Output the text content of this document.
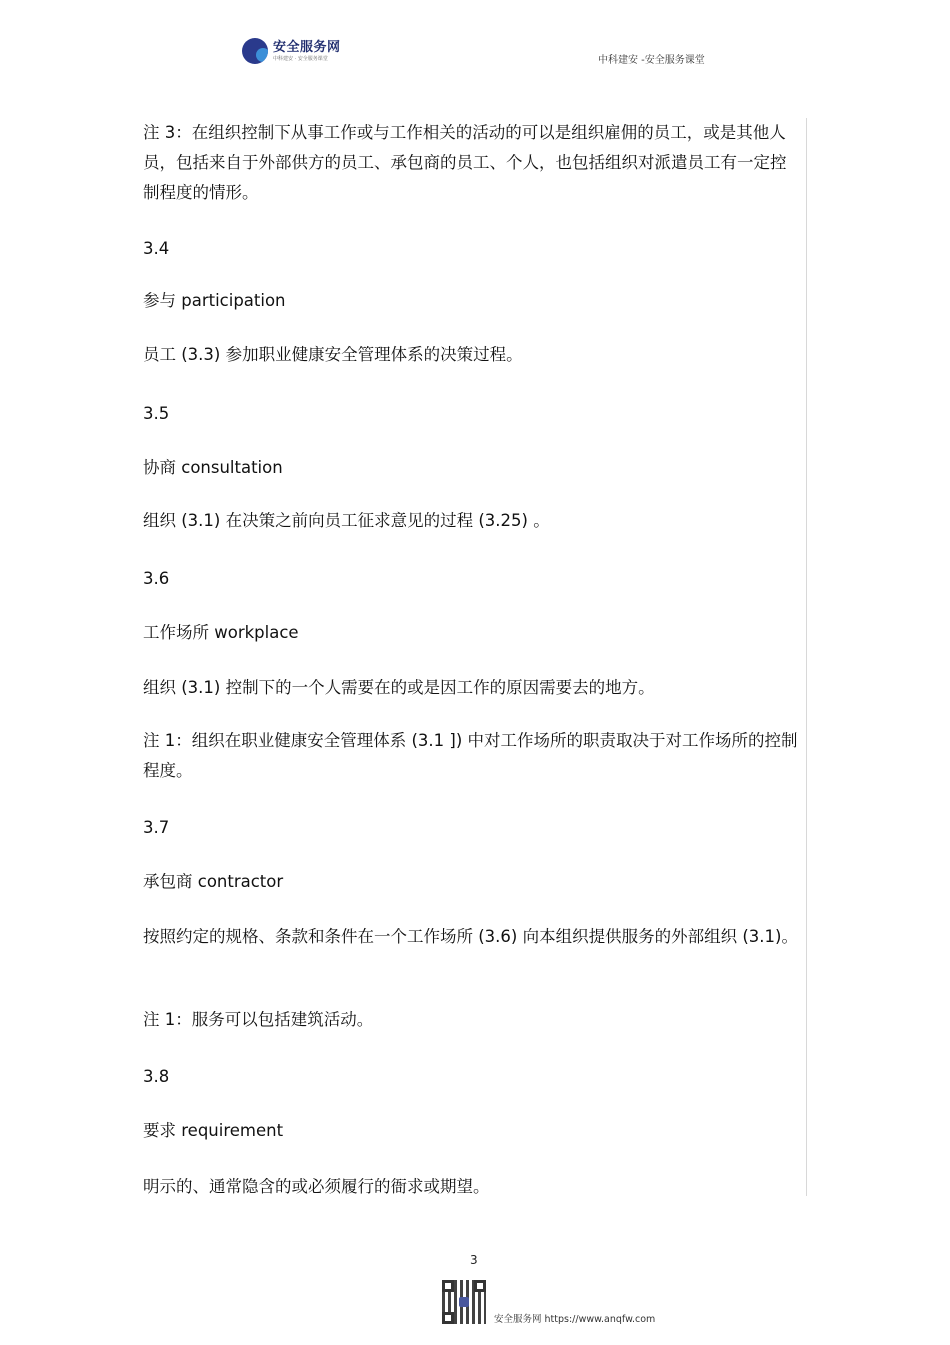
安全服务网
中科建安 · 安全服务课堂	中科建安 -安全服务课堂
注 3：在组织控制下从事工作或与工作相关的活动的可以是组织雇佣的员工，或是其他人员，包括来自于外部供方的员工、承包商的员工、个人，也包括组织对派遣员工有一定控制程度的情形。
3.4
参与 participation
员工 (3.3) 参加职业健康安全管理体系的决策过程。
3.5
协商 consultation
组织 (3.1) 在决策之前向员工征求意见的过程 (3.25) 。
3.6
工作场所 workplace
组织 (3.1) 控制下的一个人需要在的或是因工作的原因需要去的地方。
注 1：组织在职业健康安全管理体系 (3.1 ]) 中对工作场所的职责取决于对工作场所的控制程度。
3.7
承包商 contractor
按照约定的规格、条款和条件在一个工作场所 (3.6) 向本组织提供服务的外部组织 (3.1)。
注 1：服务可以包括建筑活动。
3.8
要求 requirement
明示的、通常隐含的或必须履行的衙求或期望。
3
安全服务网 https://www.anqfw.com
